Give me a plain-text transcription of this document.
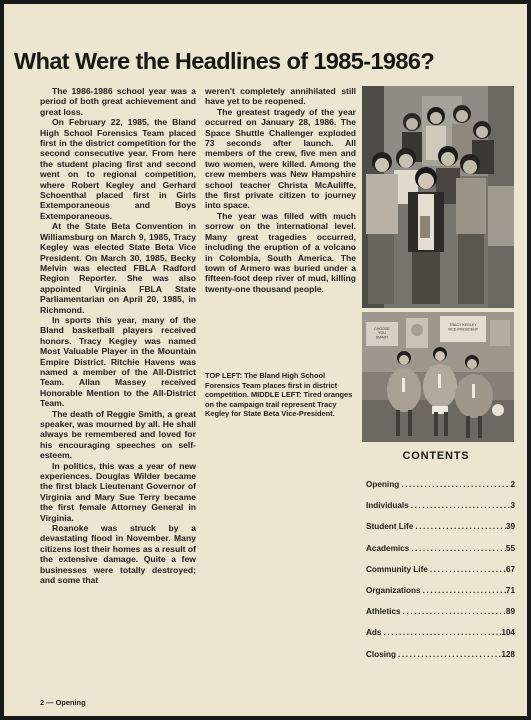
What Were the Headlines of 1985-1986?

The 1986-1986 school year was a period of both great achievement and great loss.

On February 22, 1985, the Bland High School Forensics Team placed first in the district competition for the second consecutive year. From here the student placing first and second went on to regional competition, where Robert Kegley and Gerhard Schoenthal placed first in Girls Extemporaneous and Boys Extemporaneous.

At the State Beta Convention in Williamsburg on March 9, 1985, Tracy Kegley was elected State Beta Vice President. On March 30, 1985, Becky Melvin was elected FBLA Radford Region Reporter. She was also appointed Virginia FBLA State Parliamentarian on April 20, 1985, in Richmond.

In sports this year, many of the Bland basketball players received honors. Tracy Kegley was named Most Valuable Player in the Mountain Empire District. Ritchie Havens was named a member of the All-District Team. Allan Massey received Honorable Mention to the All-District Team.

The death of Reggie Smith, a great speaker, was mourned by all. He shall always be remembered and loved for his encouraging speeches on self-esteem.

In politics, this was a year of new experiences. Douglas Wilder became the first black Lieutenant Governor of Virginia and Mary Sue Terry became the first female Attorney General in Virginia.

Roanoke was struck by a devastating flood in November. Many citizens lost their homes as a result of the extensive damage. Quite a few businesses were totally destroyed; and some that

weren't completely annihilated still have yet to be reopened.

The greatest tragedy of the year occurred on January 28, 1986. The Space Shuttle Challenger exploded 73 seconds after launch. All members of the crew, five men and two women, were killed. Among the crew members was New Hampshire school teacher Christa McAuliffe, the first private citizen to journey into space.

The year was filled with much sorrow on the international level. Many great tragedies occurred, including the eruption of a volcano in Colombia, South America. The town of Armero was buried under a fifteen-foot deep river of mud, killing twenty-one thousand people.

CHOOSE YOU SMART
TRACY KEGLEY VICE-PRESIDENT
TOP LEFT: The Bland High School Forensics Team places first in district competition. MIDDLE LEFT: Tired oranges on the campaign trail represent Tracy Kegley for State Beta Vice-President.
CONTENTS
Opening .....	2
Individuals .....	3
Student Life .....	39
Academics .....	55
Community Life .....	67
Organizations .....	71
Athletics .....	89
Ads .....	104
Closing .....	128
2 — Opening
